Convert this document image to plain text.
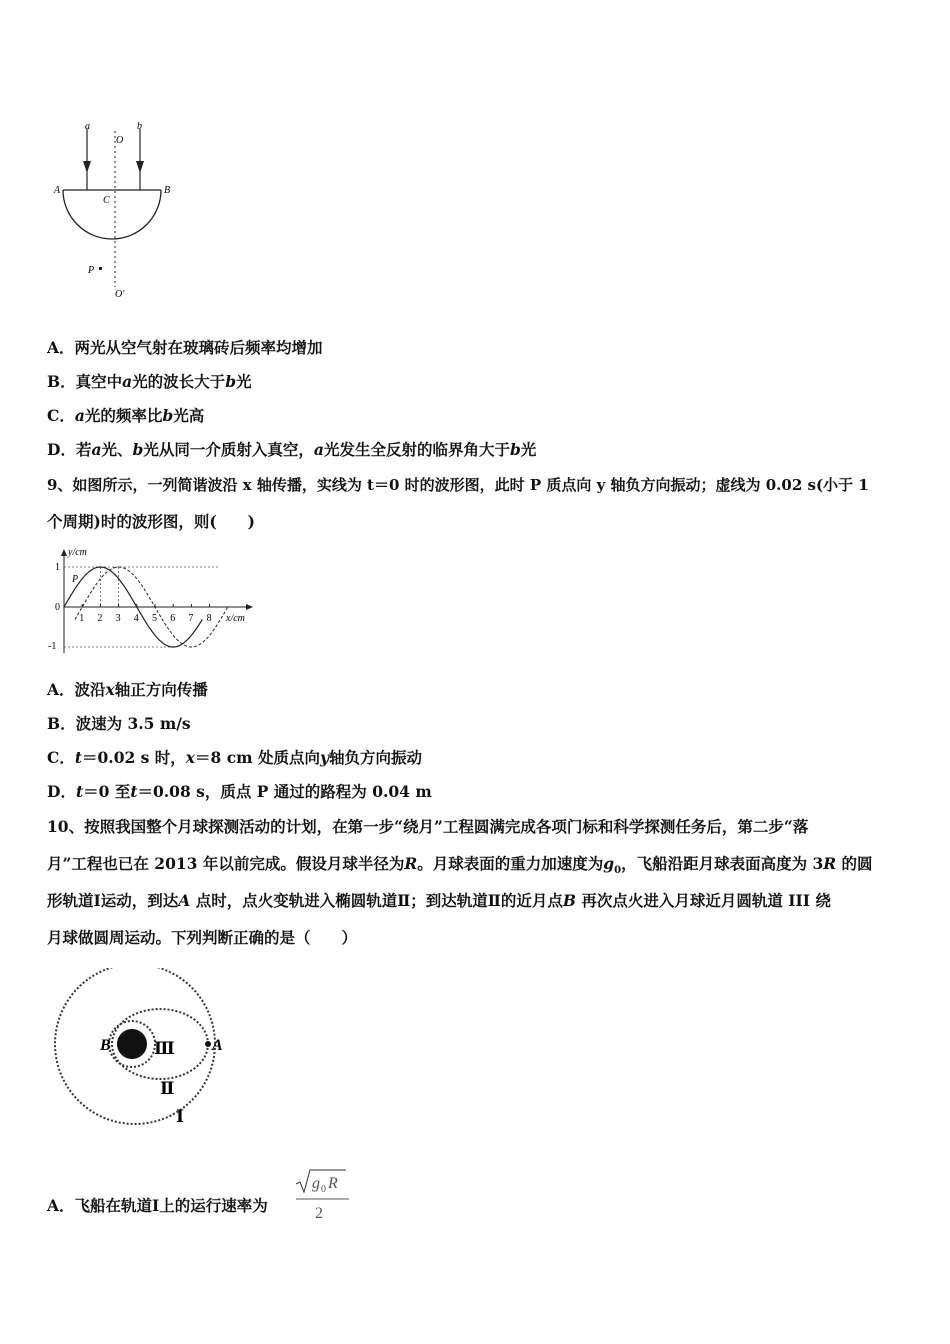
a	b
O
A	B
C
P
O'
A．两光从空气射在玻璃砖后频率均增加
B．真空中a光的波长大于b光
C．a光的频率比b光高
D．若a光、b光从同一介质射入真空，a光发生全反射的临界角大于b光
9、如图所示，一列简谐波沿 x 轴传播，实线为 t＝0 时的波形图，此时 P 质点向 y 轴负方向振动；虚线为 0.02 s(小于 1
个周期)时的波形图，则(　　)
1 2 3 4 5 6 7 8
y/cm
x/cm
1
0
-1
P
A．波沿x轴正方向传播
B．波速为 3.5 m/s
C．t＝0.02 s 时，x＝8 cm 处质点向y轴负方向振动
D．t＝0 至t＝0.08 s，质点 P 通过的路程为 0.04 m
10、按照我国整个月球探测活动的计划，在第一步“绕月”工程圆满完成各项门标和科学探测任务后，第二步“落
月”工程也已在 2013 年以前完成。假设月球半径为R。月球表面的重力加速度为$g_0$，飞船沿距月球表面高度为 3R 的圆
形轨道Ⅰ运动，到达A 点时，点火变轨进入椭圆轨道Ⅱ；到达轨道Ⅱ的近月点B 再次点火进入月球近月圆轨道 III 绕
月球做圆周运动。下列判断正确的是（　　）
B	A
Ⅲ
Ⅱ
Ⅰ
A．飞船在轨道Ⅰ上的运行速率为
g 0 R
2
